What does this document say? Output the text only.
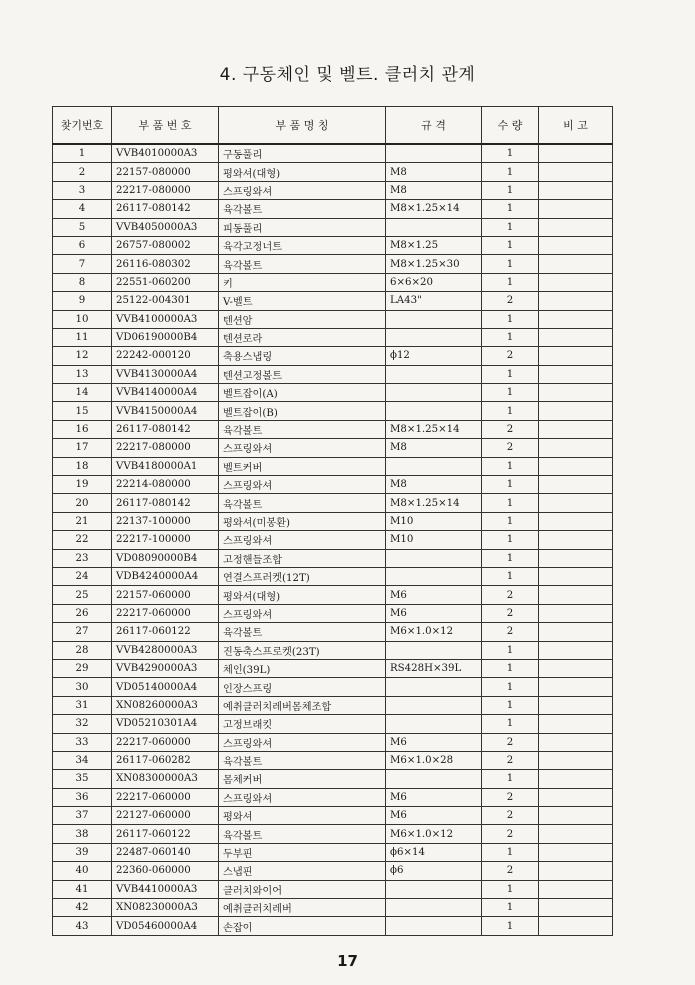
4. 구동체인 및 벨트. 클러치 관계
찾기번호	부 품 번 호	부 품 명 칭	규 격	수 량	비 고
1	VVB4010000A3	구동풀리		1	
2	22157-080000	평와셔(대형)	M8	1	
3	22217-080000	스프링와셔	M8	1	
4	26117-080142	육각볼트	M8×1.25×14	1	
5	VVB4050000A3	피동풀리		1	
6	26757-080002	육각고정너트	M8×1.25	1	
7	26116-080302	육각볼트	M8×1.25×30	1	
8	22551-060200	키	6×6×20	1	
9	25122-004301	V-벨트	LA43"	2	
10	VVB4100000A3	텐션암		1	
11	VD06190000B4	텐션로라		1	
12	22242-000120	축용스냅링	ϕ12	2	
13	VVB4130000A4	텐션고정볼트		1	
14	VVB4140000A4	벨트잡이(A)		1	
15	VVB4150000A4	벨트잡이(B)		1	
16	26117-080142	육각볼트	M8×1.25×14	2	
17	22217-080000	스프링와셔	M8	2	
18	VVB4180000A1	벨트커버		1	
19	22214-080000	스프링와셔	M8	1	
20	26117-080142	육각볼트	M8×1.25×14	1	
21	22137-100000	평와셔(미봉환)	M10	1	
22	22217-100000	스프링와셔	M10	1	
23	VD08090000B4	고정핸들조합		1	
24	VDB4240000A4	연결스프러켓(12T)		1	
25	22157-060000	평와셔(대형)	M6	2	
26	22217-060000	스프링와셔	M6	2	
27	26117-060122	육각볼트	M6×1.0×12	2	
28	VVB4280000A3	진동축스프로켓(23T)		1	
29	VVB4290000A3	체인(39L)	RS428H×39L	1	
30	VD05140000A4	인장스프링		1	
31	XN08260000A3	예취클러치레버몸체조합		1	
32	VD05210301A4	고정브래킷		1	
33	22217-060000	스프링와셔	M6	2	
34	26117-060282	육각볼트	M6×1.0×28	2	
35	XN08300000A3	몸체커버		1	
36	22217-060000	스프링와셔	M6	2	
37	22127-060000	평와셔	M6	2	
38	26117-060122	육각볼트	M6×1.0×12	2	
39	22487-060140	두부핀	ϕ6×14	1	
40	22360-060000	스냅핀	ϕ6	2	
41	VVB4410000A3	클러치와이어		1	
42	XN08230000A3	예취클러치레버		1	
43	VD05460000A4	손잡이		1	
17
